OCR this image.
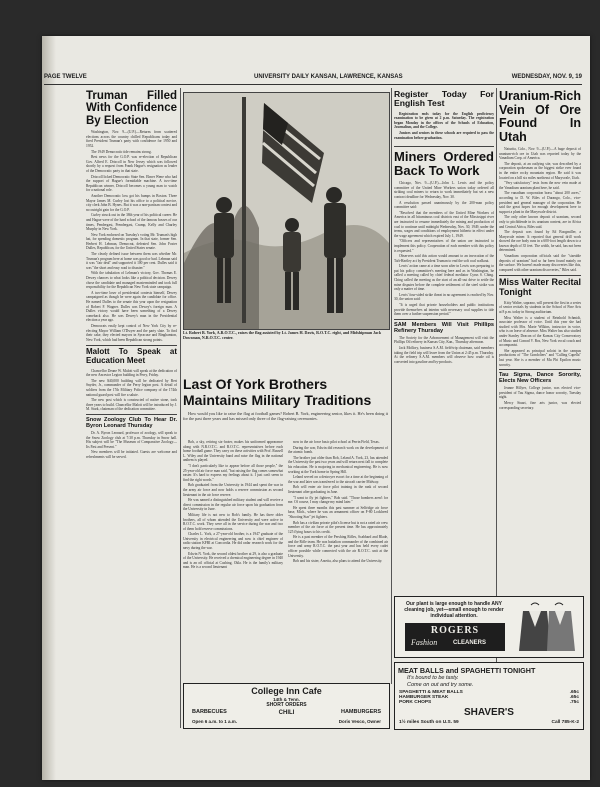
PAGE TWELVE	UNIVERSITY DAILY KANSAN, LAWRENCE, KANSAS	WEDNESDAY, NOV. 9, 19
Truman Filled With Confidence By Election

Washington, Nov. 9—(U.P.)—Returns from scattered elections across the country chilled Republicans today and fired President Truman's party with confidence for 1950 and 1952.

The 1949 Democratic tide remains strong.

Best news for the G.O.P. was re-election of Republican Gov. Alfred E. Driscoll in New Jersey which was followed shortly by a request from Frank Hague's resignation as leader of the Democratic party in that state.

Driscoll licked Democratic State Sen. Elmer Wene who had the support of Hague's formidable machine. A two-time Republican winner, Driscoll becomes a young man to watch for a national role.

Another Democratic loss got his bumps in Boston. Three Mayor James M. Curley lost his office to a political novice, city clerk John B. Hynes. But it was a non-partisan contest and no outright gain for the G.O.P.

Curley struck out in the 38th year of his political career. He and Hague were of the hard school of the famous bosses of our times, Pendergast, Prendergast, Crump, Kelly and Charley Murphy in New York.

New York endorsed on Tuesday's voting Mr. Truman's high hat, for spending domestic program. In that state, former Sen. Herbert H. Lehman, Democrat, defeated Sen. John Foster Dulles, Republican, for the United States senate.

The clearly defined issue between them was whether Mr. Truman's program here at home was good or bad. Lehman said it was "fair deal" and supported it 100 per cent. Dulles said it was "the short and easy road to disaster."

With the tabulation of Lehman's victory, Gov. Thomas E. Dewey chances to what looks like a political decision. Dewey chose the candidate and managed masterminded and took full responsibility for the Republican New York state campaign.

A two-time loser of presidential contests himself, Dewey campaigned as though he were again the candidate for office. He named Dulles to the senate this year upon the resignation of Robert F. Wagner. Dulles was Dewey's foreign man. A Dulles victory would have been something of a Dewey comeback also. He was Dewey's man in the Presidential election a year ago.

Democrats easily kept control of New York City by re-electing Mayor William O'Dwyer and the party slate. To find their cake, they elected mayors in Syracuse and Binghamton, New York, which had been Republican strong points.

Malott To Speak at Education Meet

Chancellor Deane W. Malott will speak at the dedication of the new Ancestor Legion building in Perry, Friday.

The new $40,000 building will be dedicated by Bert Snyder, Jr., commander of the Perry legion post. A detail of soldiers from the 17th Military Police company of the 174th national guard post will fire a salute.

The new post which is constructed of native stone, took three years to build. Chancellor Malott will be introduced by J. M. Stark, chairman of the dedication committee.

Snow Zoology Club To Hear Dr. Byron Leonard Thursday

Dr. A. Byron Leonard, professor of zoology, will speak to the Snow Zoology club at 7:30 p.m. Thursday in Snow hall. His subject will be "The Museum of Comparative Zoology—Its Past and Present."

New members will be initiated. Guests are welcome and refreshments will be served.

Lt. Robert B. York, A.R.O.T.C., raises the flag assisted by Lt. James H. Davis, R.O.T.C. right, and Midshipman Jack Dowsman, N.R.O.T.C. center.
Last Of York Brothers Maintains Military Traditions

How would you like to raise the flag at football games? Robert B. York, engineering senior, likes it. He's been doing it for the past three years and has missed only three of the flag-raising ceremonies.

Bob, a sky, retiring six-footer, makes his uniformed appearance along with N.R.O.T.C. and R.O.T.C. representatives before each home football game. They carry on these activities with Prof. Russell L. Wiley and the University band and raise the flag in the national anthem is played.

"I don't particularly like to appear before all those people," the 25-year-old air force man said, "but raising the flag comes somewhat easier. It's hard to express my feelings about it. I just can't seem to find the right words."

Bob graduated from the University in 1944 and spent the war in the army air force and now holds a reserve commission as second lieutenant in the air force reserve.

He was named a distinguished military student and will receive a direct commission in the regular air force upon his graduation from the University in June.

Military life is not new to Bob's family. He has three older brothers, all of whom attended the University and were active in R.O.T.C. work. They were all in the service during the war and two of them hold reserve commissions.

Charles L. York, a 27-year-old brother, is a 1947 graduate of the University in electrical engineering and now is chief engineer of radio station KFBI at Concordia. He did radar research work for the navy during the war.

Edwin N. York, the second oldest brother at 29, is also a graduate of the University. He received a chemical engineering degree in 1940 and is an oil official at Cushing, Okla. He is the family's military man. He is a second lieutenant

now in the air force basic pilot school at Perrin Field, Texas.

During the war, Edwin did research work on the development of the atomic bomb.

The brother just older than Bob, Leland A. York, 23, has attended the University the past two years and will return next fall to complete his education. He is majoring in mechanical engineering. He is now working at the York home in Spring Hill.

Leland served on a destroyer escort for a time at the beginning of the war and later was transferred to the aircraft carrier Midway.

Bob will enter air force pilot training in the rank of second lieutenant after graduating in June.

"I want to fly jet fighters," Bob said. "Those bombers aren't for me. Of course, I may change my mind later."

He spent three months this past summer at Selfridge air force base, Mich., where he was an armament officer on F-80 Lockheed "Shooting Star" jet fighters.

Bob has a civilian private pilot's license but is not a rated air crew member of the air force at the present time. He has approximately 125 flying hours to his credit.

He is a past member of the Pershing Rifles, Scabbard and Blade, and the Rifle team. He was battalion commander of the combined air force and army R.O.T.C. the past year and has held every cadet officer possible while connected with the air R.O.T.C. unit at the University.

Bob and his sister, Arzetta, also plans to attend the University.

Register Today For English Test

Registration ends today for the English proficiency examination to be given at 2 p.m. Saturday. The registration began Monday in the offices of the Schools of Education, Journalism, and the College.

Juniors and seniors in these schools are required to pass the examination before graduation.

Miners Ordered Back To Work

Chicago, Nov. 9—(U.P.)—John L. Lewis and the policy committee of the United Mine Workers union today ordered all striking coal miners to return to work immediately but set a new contract deadline for Wednesday, Nov. 30.

A resolution passed unanimously by the 200-man policy committee said:

"Resolved that the members of the United Mine Workers of America in all bituminous coal districts east of the Mississippi river are instructed to resume immediately the mining and production of coal to continue until midnight Wednesday, Nov. 30, 1949, under the terms, wages and conditions of employment hitherto in effect under the wage agreement which expired July 1, 1949.

"Officers and representatives of the union are instructed to implement this policy. Cooperation of each member with this policy is requested."

Observers said this action would amount to an invocation of the Taft-Hartley act by President Truman to end the soft coal walkout.

Lewis' action came at a time soon after in Lewis was preparing to put his policy committee's meeting here and as in Washington, he called a meeting called by chief federal mediator Cyrus S. Ching. Ching called the meeting as the start of an all-out drive to settle the mine disputes before the complete settlement of the steel strike was only a matter of time.

Lewis' four-sided strike threat in no agreement is reached by Nov. 30, the union said:

"It is urged that private householders and public institutions provide themselves ad interim with necessary coal supplies to tide them over a further suspension period."

SAM Members Will Visit Phillips Refinery Thursday

The Society for the Advancement of Management will visit the Phillips Oil refinery in Kansas City, Kan., Thursday afternoon.

Jack Mollory, business S.A.M. field-trip chairman, said members taking the field trip will leave from the Union at 2:45 p.m. Thursday. At the refinery S.A.M. members will observe how crude oil is converted into gasoline and by-products.

Uranium-Rich Vein Of Ore Found In Utah

Naturita, Colo., Nov. 9—(U.P.)—A huge deposit of uranium-rich ore in Utah was reported today by the Vanadium Corp. of America.

The deposit, at an outlying site, was described by a corporation spokesman as the biggest strike ever found in the entire rocky mountain region. He said it was located on a hill six miles northeast of Marysvale, Utah.

"Very satisfactory" tests from the new vein made at the Vanadium uranium plant here, he said.

The vanadium corporation brass "about 200 acres," according to D. W. Biles of Durango, Colo., vice-president and general manager of the corporation. He said the great hopes for enough development here to support a plant in the Marysvale district.

The only other known deposit of uranium, second only to pitchblende in its uranium content, are in Africa and Central Africa, Biles said.

The deposit was found by Ed Boogmiller, a Marysvale miner. It reported that general drill work showed the ore body runs in a 600-foot length down to a known depth of 35 feet. The width, he said, has not been determined.

Vanadium corporation officials said the "sizeable deposits of uranium" had so far been found mainly on the surface. We haven't made many discoveries like this, compared with other uranium discoveries," Biles said.

Miss Walter Recital Tonight

Kitty Walter, soprano, will present the first in a series of senior recitals by students in the School of Fine Arts at 8 p.m. today in Strong auditorium.

Miss Walter is a student of Reinhold Schmidt, associate professor of voice. Until this year she had studied with Mrs. Marie Wilkins, instructor in voice, who is on leave of absence. Miss Walter has also studied under Stanley Deacon of the Kansas City Conservatory of Music and Conrad V. Bos, New York vocal coach and accompanist.

She appeared as principal soloist in the campus productions of "The Gondoliers" and "Calling Capella" last year. She is a member of Mu Phi Epsilon music sorority.

Tau Sigma, Dance Sorority, Elects New Officers

Jeanne Hillyer, College junior, was elected vice-president of Tau Sigma, dance honor sorority, Tuesday night.

Mercy Stuart, fine arts junior, was elected corresponding secretary.

College Inn Cafe
14th & Tenn.
SHORT ORDERS
BARBECUES	CHILI	HAMBURGERS
Open 6 a.m. to 1 a.m.	Doris Vesco, Owner
Our plant is large enough to handle ANY cleaning job, yet—small enough to render individual attention.
ROGERS
Fashion	CLEANERS
MEAT BALLS and SPAGHETTI TONIGHT
It's bound to be tasty.
Come on out and try some.
SPAGHETTI & MEAT BALLS	.65c
HAMBURGER STEAK	.65c
PORK CHOPS	.75c
SHAVER'S
1½ miles South on U.S. 59	Call 785-K-2
